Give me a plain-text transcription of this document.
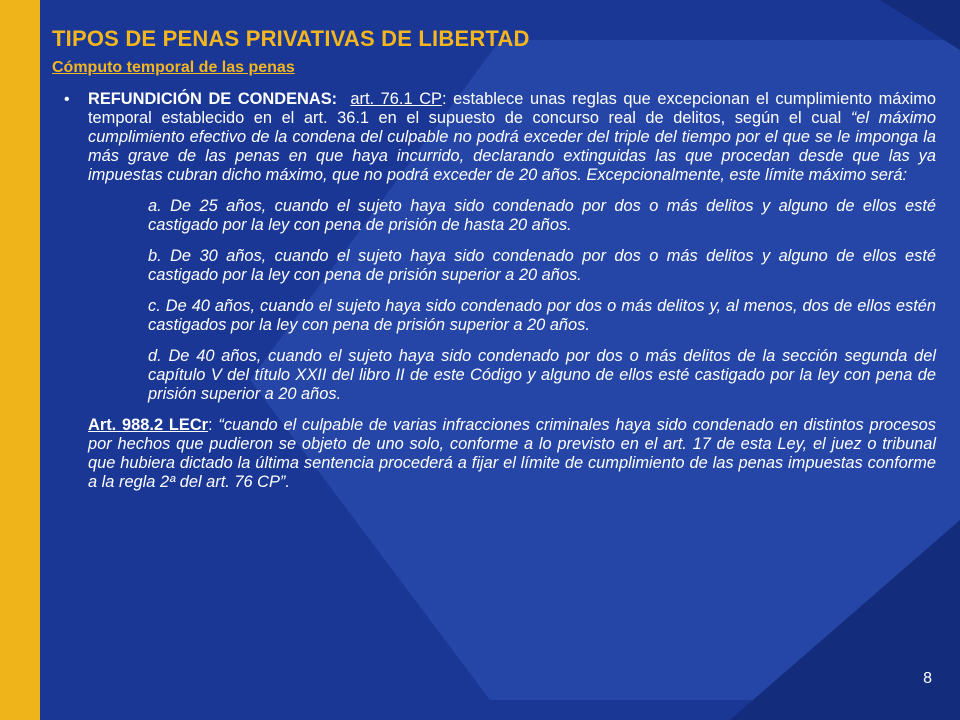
TIPOS DE PENAS PRIVATIVAS DE LIBERTAD
Cómputo temporal de las penas
• REFUNDICIÓN DE CONDENAS: art. 76.1 CP: establece unas reglas que excepcionan el cumplimiento máximo temporal establecido en el art. 36.1 en el supuesto de concurso real de delitos, según el cual “el máximo cumplimiento efectivo de la condena del culpable no podrá exceder del triple del tiempo por el que se le imponga la más grave de las penas en que haya incurrido, declarando extinguidas las que procedan desde que las ya impuestas cubran dicho máximo, que no podrá exceder de 20 años. Excepcionalmente, este límite máximo será:

a. De 25 años, cuando el sujeto haya sido condenado por dos o más delitos y alguno de ellos esté castigado por la ley con pena de prisión de hasta 20 años.

b. De 30 años, cuando el sujeto haya sido condenado por dos o más delitos y alguno de ellos esté castigado por la ley con pena de prisión superior a 20 años.

c. De 40 años, cuando el sujeto haya sido condenado por dos o más delitos y, al menos, dos de ellos estén castigados por la ley con pena de prisión superior a 20 años.

d. De 40 años, cuando el sujeto haya sido condenado por dos o más delitos de la sección segunda del capítulo V del título XXII del libro II de este Código y alguno de ellos esté castigado por la ley con pena de prisión superior a 20 años.

Art. 988.2 LECr: “cuando el culpable de varias infracciones criminales haya sido condenado en distintos procesos por hechos que pudieron se objeto de uno solo, conforme a lo previsto en el art. 17 de esta Ley, el juez o tribunal que hubiera dictado la última sentencia procederá a fijar el límite de cumplimiento de las penas impuestas conforme a la regla 2ª del art. 76 CP”.

8
